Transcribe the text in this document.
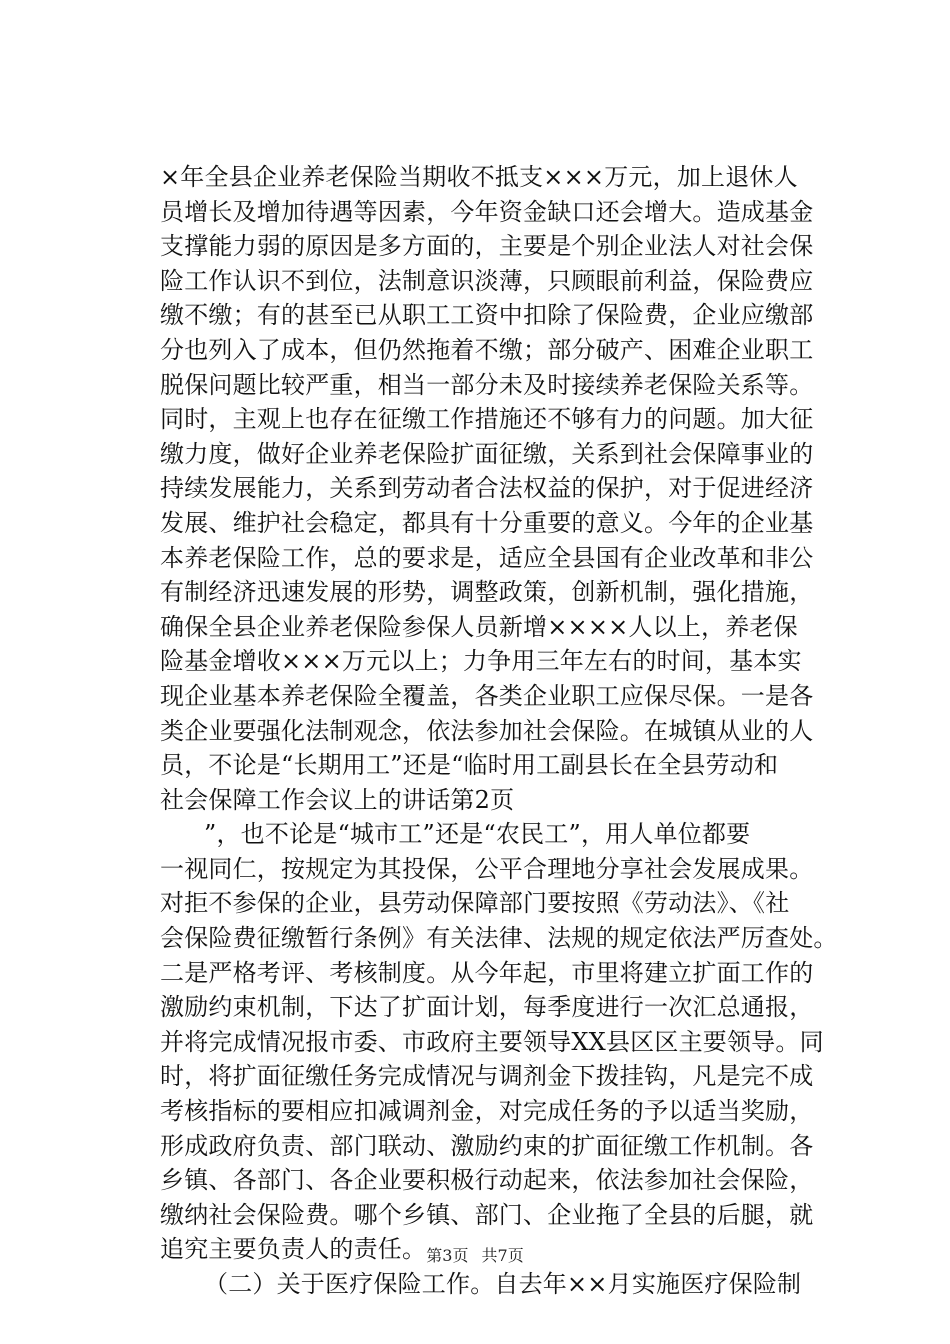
×年全县企业养老保险当期收不抵支×××万元，加上退休人
员增长及增加待遇等因素，今年资金缺口还会增大。造成基金
支撑能力弱的原因是多方面的，主要是个别企业法人对社会保
险工作认识不到位，法制意识淡薄，只顾眼前利益，保险费应
缴不缴；有的甚至已从职工工资中扣除了保险费，企业应缴部
分也列入了成本，但仍然拖着不缴；部分破产、困难企业职工
脱保问题比较严重，相当一部分未及时接续养老保险关系等。
同时，主观上也存在征缴工作措施还不够有力的问题。加大征
缴力度，做好企业养老保险扩面征缴，关系到社会保障事业的
持续发展能力，关系到劳动者合法权益的保护，对于促进经济
发展、维护社会稳定，都具有十分重要的意义。今年的企业基
本养老保险工作，总的要求是，适应全县国有企业改革和非公
有制经济迅速发展的形势，调整政策，创新机制，强化措施，
确保全县企业养老保险参保人员新增××××人以上，养老保
险基金增收×××万元以上；力争用三年左右的时间，基本实
现企业基本养老保险全覆盖，各类企业职工应保尽保。一是各
类企业要强化法制观念，依法参加社会保险。在城镇从业的人
员，不论是“长期用工”还是“临时用工副县长在全县劳动和
社会保障工作会议上的讲话第2页
”，也不论是“城市工”还是“农民工”，用人单位都要
一视同仁，按规定为其投保，公平合理地分享社会发展成果。
对拒不参保的企业，县劳动保障部门要按照《劳动法》、《社
会保险费征缴暂行条例》有关法律、法规的规定依法严厉查处。
二是严格考评、考核制度。从今年起，市里将建立扩面工作的
激励约束机制，下达了扩面计划，每季度进行一次汇总通报，
并将完成情况报市委、市政府主要领导XX县区区主要领导。同
时，将扩面征缴任务完成情况与调剂金下拨挂钩，凡是完不成
考核指标的要相应扣减调剂金，对完成任务的予以适当奖励，
形成政府负责、部门联动、激励约束的扩面征缴工作机制。各
乡镇、各部门、各企业要积极行动起来，依法参加社会保险，
缴纳社会保险费。哪个乡镇、部门、企业拖了全县的后腿，就
追究主要负责人的责任。
（二）关于医疗保险工作。自去年××月实施医疗保险制
第3页 共7页
